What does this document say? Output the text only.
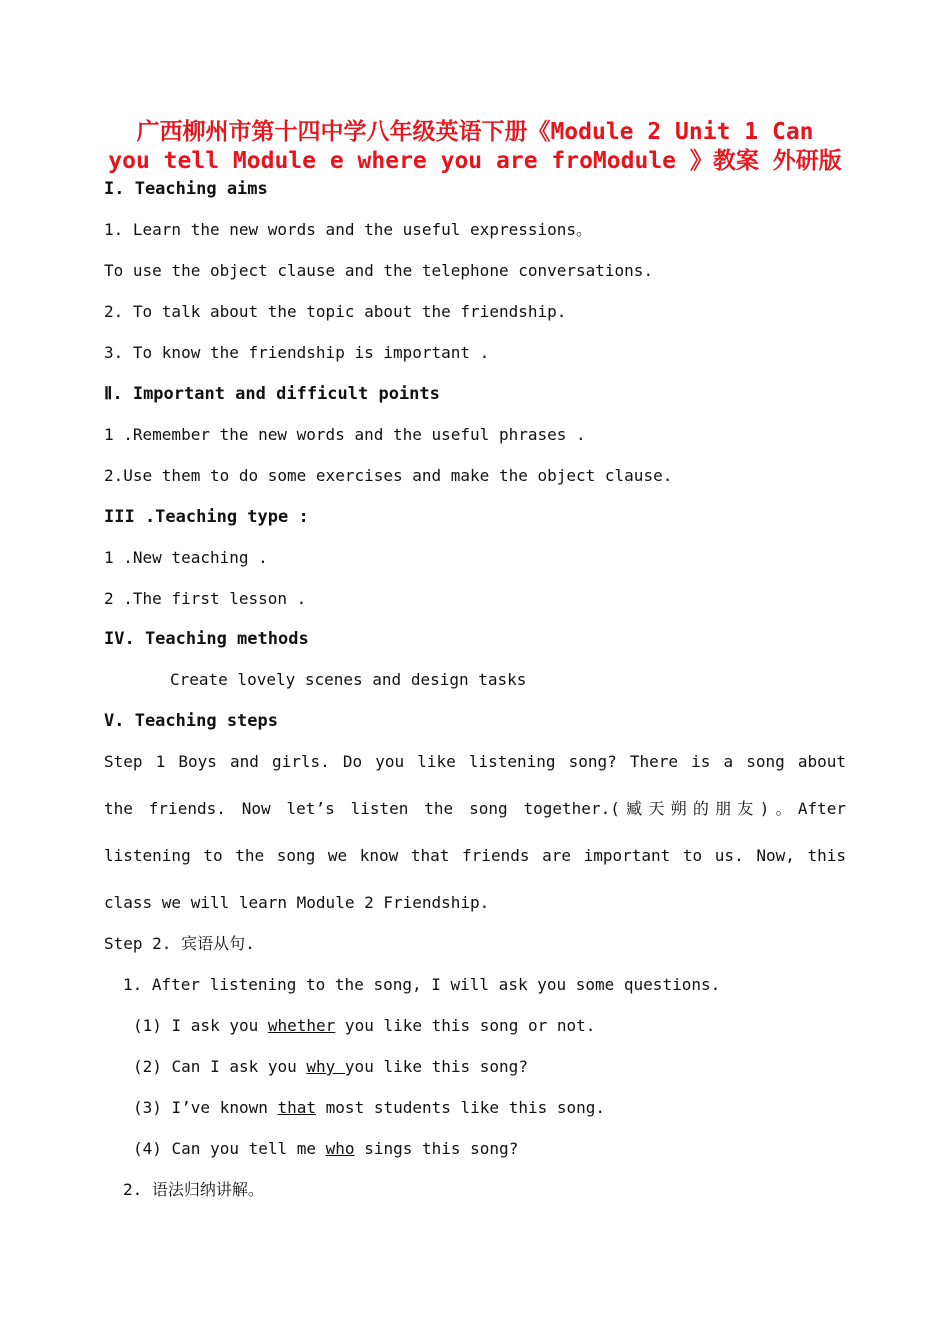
广西柳州市第十四中学八年级英语下册《Module 2 Unit 1 Can
you tell Module e where you are froModule 》教案 外研版
I. Teaching aims
1. Learn the new words and the useful expressions。
To use the object clause and the telephone conversations.
2. To talk about the topic about the friendship.
3. To know the friendship is important .
Ⅱ. Important and difficult points
1 .Remember the new words and the useful phrases .
2.Use them to do some exercises and make the object clause.
III .Teaching type :
1 .New teaching .
2 .The first lesson .
IV. Teaching methods
Create lovely scenes and design tasks
V. Teaching steps
Step 1 Boys and girls. Do you like listening song? There is a song about
the friends. Now let’s listen the song together.(臧天朔的朋友)。After
listening to the song we know that friends are important to us. Now, this
class we will learn Module 2 Friendship.
Step 2. 宾语从句.
1. After listening to the song, I will ask you some questions.
(1) I ask you whether you like this song or not.
(2) Can I ask you why you like this song?
(3) I’ve known that most students like this song.
(4) Can you tell me who sings this song?
2. 语法归纳讲解。
